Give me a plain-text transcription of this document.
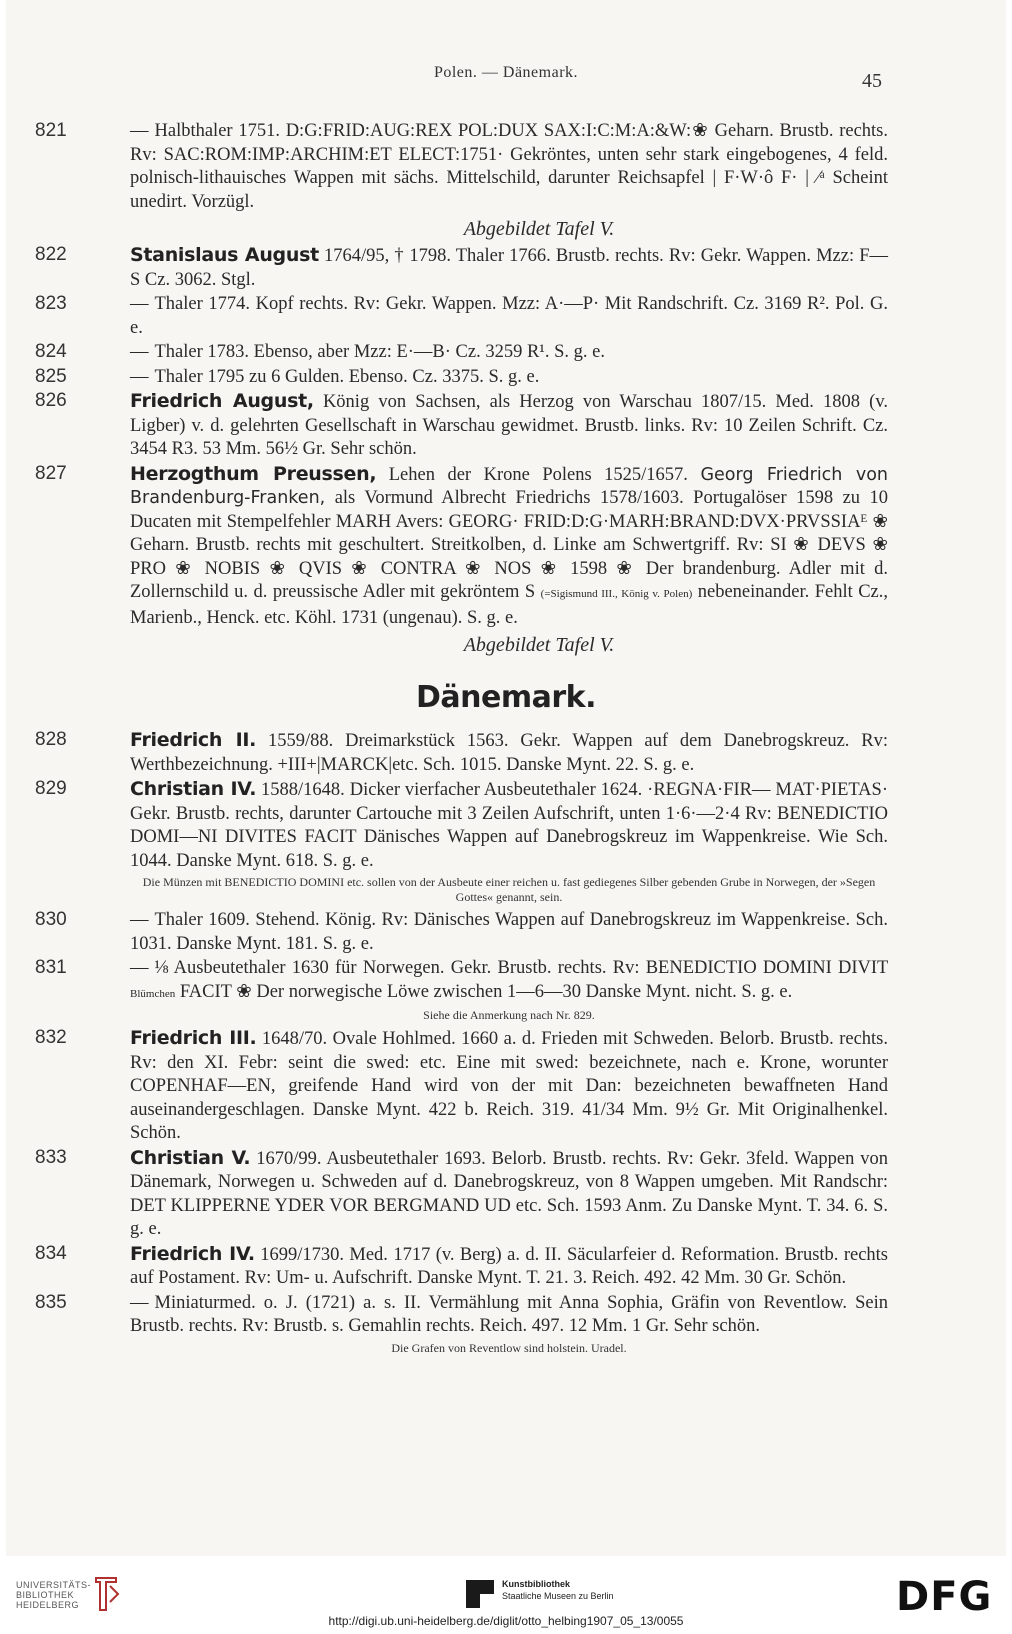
Polen. — Dänemark.	45
821	— Halbthaler 1751. D:G:FRID:AUG:REX POL:DUX SAX:I:C:M:A:&W:❀ Geharn. Brustb. rechts. Rv: SAC:ROM:IMP:ARCHIM:ET ELECT:1751· Gekröntes, unten sehr stark eingebogenes, 4 feld. polnisch-lithauisches Wappen mit sächs. Mittelschild, darunter Reichsapfel | F·W·ô F· | ⁄ᵃ Scheint unedirt. Vorzügl.
Abgebildet Tafel V.
822	Stanislaus August 1764/95, † 1798. Thaler 1766. Brustb. rechts. Rv: Gekr. Wappen. Mzz: F—S Cz. 3062. Stgl.
823	— Thaler 1774. Kopf rechts. Rv: Gekr. Wappen. Mzz: A·—P· Mit Randschrift. Cz. 3169 R². Pol. G. e.
824	— Thaler 1783. Ebenso, aber Mzz: E·—B· Cz. 3259 R¹. S. g. e.
825	— Thaler 1795 zu 6 Gulden. Ebenso. Cz. 3375. S. g. e.
826	Friedrich August, König von Sachsen, als Herzog von Warschau 1807/15. Med. 1808 (v. Ligber) v. d. gelehrten Gesellschaft in Warschau gewidmet. Brustb. links. Rv: 10 Zeilen Schrift. Cz. 3454 R3. 53 Mm. 56½ Gr. Sehr schön.
827	Herzogthum Preussen, Lehen der Krone Polens 1525/1657. Georg Friedrich von Brandenburg-Franken, als Vormund Albrecht Friedrichs 1578/1603. Portugalöser 1598 zu 10 Ducaten mit Stempelfehler MARH Avers: GEORG· FRID:D:G·MARH:BRAND:DVX·PRVSSIAᴱ ❀ Geharn. Brustb. rechts mit geschultert. Streitkolben, d. Linke am Schwertgriff. Rv: SI ❀ DEVS ❀ PRO ❀ NOBIS ❀ QVIS ❀ CONTRA ❀ NOS ❀ 1598 ❀ Der brandenburg. Adler mit d. Zollernschild u. d. preussische Adler mit gekröntem S (=Sigismund III., König v. Polen) nebeneinander. Fehlt Cz., Marienb., Henck. etc. Köhl. 1731 (ungenau). S. g. e.
Abgebildet Tafel V.
Dänemark.
828	Friedrich II. 1559/88. Dreimarkstück 1563. Gekr. Wappen auf dem Danebrogskreuz. Rv: Werthbezeichnung. +III+|MARCK|etc. Sch. 1015. Danske Mynt. 22. S. g. e.
829	Christian IV. 1588/1648. Dicker vierfacher Ausbeutethaler 1624. ·REGNA·FIR— MAT·PIETAS· Gekr. Brustb. rechts, darunter Cartouche mit 3 Zeilen Aufschrift, unten 1·6·—2·4 Rv: BENEDICTIO DOMI—NI DIVITES FACIT Dänisches Wappen auf Danebrogskreuz im Wappenkreise. Wie Sch. 1044. Danske Mynt. 618. S. g. e.
Die Münzen mit BENEDICTIO DOMINI etc. sollen von der Ausbeute einer reichen u. fast gediegenes Silber gebenden Grube in Norwegen, der »Segen Gottes« genannt, sein.
830	— Thaler 1609. Stehend. König. Rv: Dänisches Wappen auf Danebrogskreuz im Wappenkreise. Sch. 1031. Danske Mynt. 181. S. g. e.
831	— ⅛ Ausbeutethaler 1630 für Norwegen. Gekr. Brustb. rechts. Rv: BENEDICTIO DOMINI DIVIT Blümchen FACIT ❀ Der norwegische Löwe zwischen 1—6—30 Danske Mynt. nicht. S. g. e.
Siehe die Anmerkung nach Nr. 829.
832	Friedrich III. 1648/70. Ovale Hohlmed. 1660 a. d. Frieden mit Schweden. Belorb. Brustb. rechts. Rv: den XI. Febr: seint die swed: etc. Eine mit swed: bezeichnete, nach e. Krone, worunter COPENHAF—EN, greifende Hand wird von der mit Dan: bezeichneten bewaffneten Hand auseinandergeschlagen. Danske Mynt. 422 b. Reich. 319. 41/34 Mm. 9½ Gr. Mit Originalhenkel. Schön.
833	Christian V. 1670/99. Ausbeutethaler 1693. Belorb. Brustb. rechts. Rv: Gekr. 3feld. Wappen von Dänemark, Norwegen u. Schweden auf d. Danebrogskreuz, von 8 Wappen umgeben. Mit Randschr: DET KLIPPERNE YDER VOR BERGMAND UD etc. Sch. 1593 Anm. Zu Danske Mynt. T. 34. 6. S. g. e.
834	Friedrich IV. 1699/1730. Med. 1717 (v. Berg) a. d. II. Säcularfeier d. Reformation. Brustb. rechts auf Postament. Rv: Um- u. Aufschrift. Danske Mynt. T. 21. 3. Reich. 492. 42 Mm. 30 Gr. Schön.
835	— Miniaturmed. o. J. (1721) a. s. II. Vermählung mit Anna Sophia, Gräfin von Reventlow. Sein Brustb. rechts. Rv: Brustb. s. Gemahlin rechts. Reich. 497. 12 Mm. 1 Gr. Sehr schön.
Die Grafen von Reventlow sind holstein. Uradel.
UNIVERSITÄTS-
BIBLIOTHEK
HEIDELBERG
Kunstbibliothek
Staatliche Museen zu Berlin	DFG
http://digi.ub.uni-heidelberg.de/diglit/otto_helbing1907_05_13/0055
